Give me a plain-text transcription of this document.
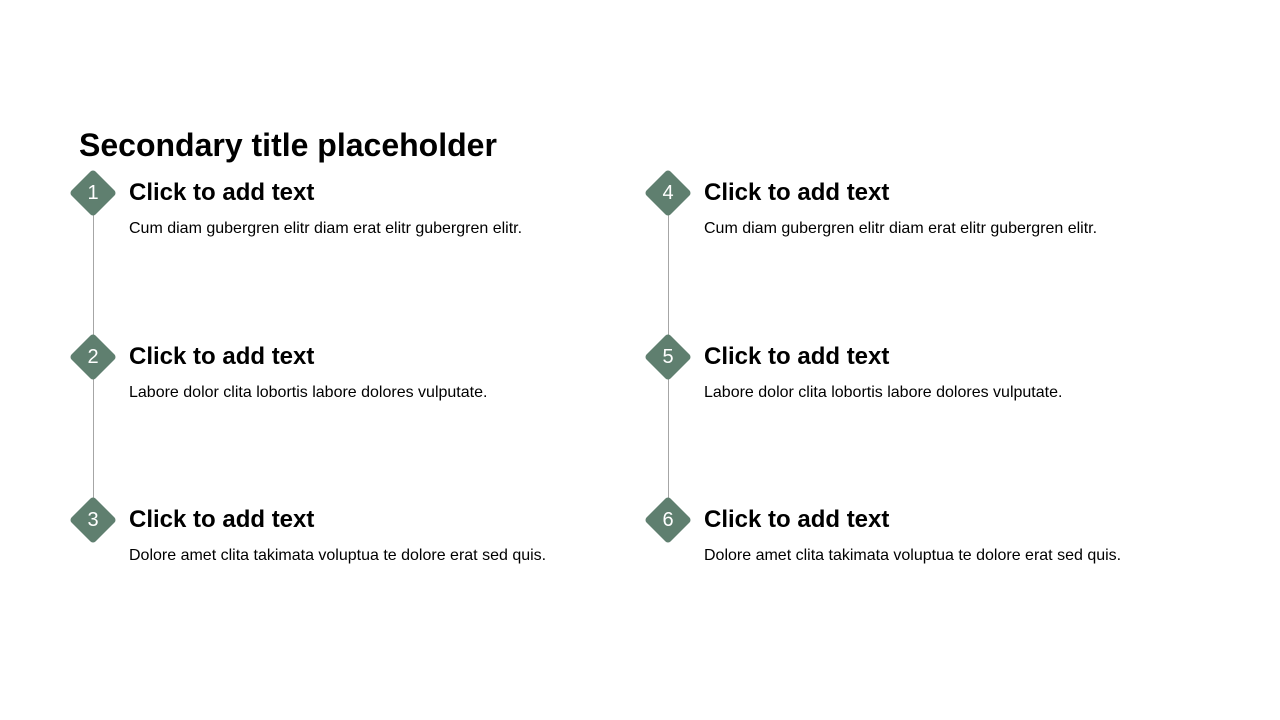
Secondary title placeholder
1	Click to add text
Cum diam gubergren elitr diam erat elitr gubergren elitr.
2	Click to add text
Labore dolor clita lobortis labore dolores vulputate.
3	Click to add text
Dolore amet clita takimata voluptua te dolore erat sed quis.
4	Click to add text
Cum diam gubergren elitr diam erat elitr gubergren elitr.
5	Click to add text
Labore dolor clita lobortis labore dolores vulputate.
6	Click to add text
Dolore amet clita takimata voluptua te dolore erat sed quis.
